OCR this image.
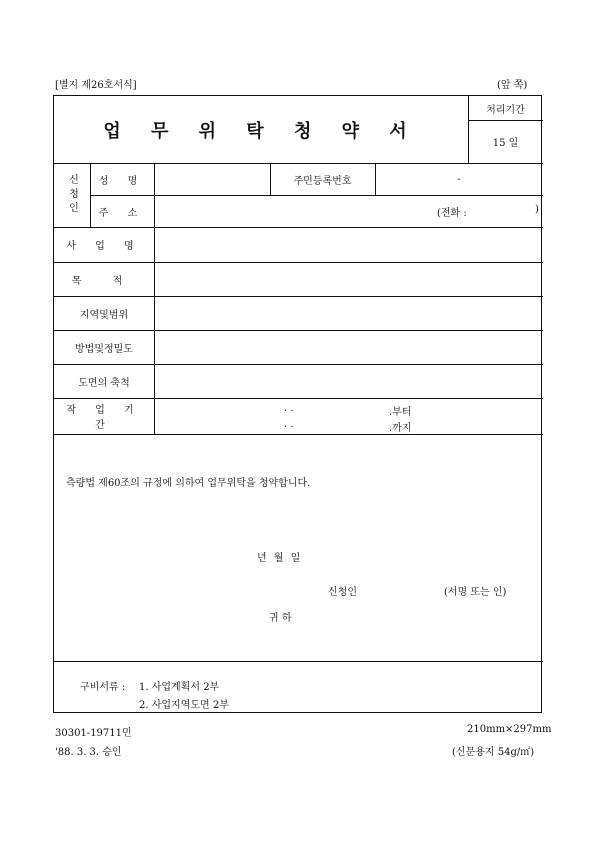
[별지 제26호서식]	(앞 쪽)
업 무 위 탁 청 약 서
처리기간
15 일
신청인	성 명	주민등록번호	-
주 소	(전화 :	)
사 업 명
목 적
지역및범위
방법및정밀도
도면의 축척
작 업 기 간
. .	.부터
. .	.까지
측량법 제60조의 규정에 의하여 업무위탁을 청약합니다.
년 월 일
신청인	(서명 또는 인)
귀 하
구비서류 : 1. 사업계획서 2부
2. 사업지역도면 2부
30301-19711민
'88. 3. 3. 승인
210mm×297mm
(신문용지 54g/㎡)
